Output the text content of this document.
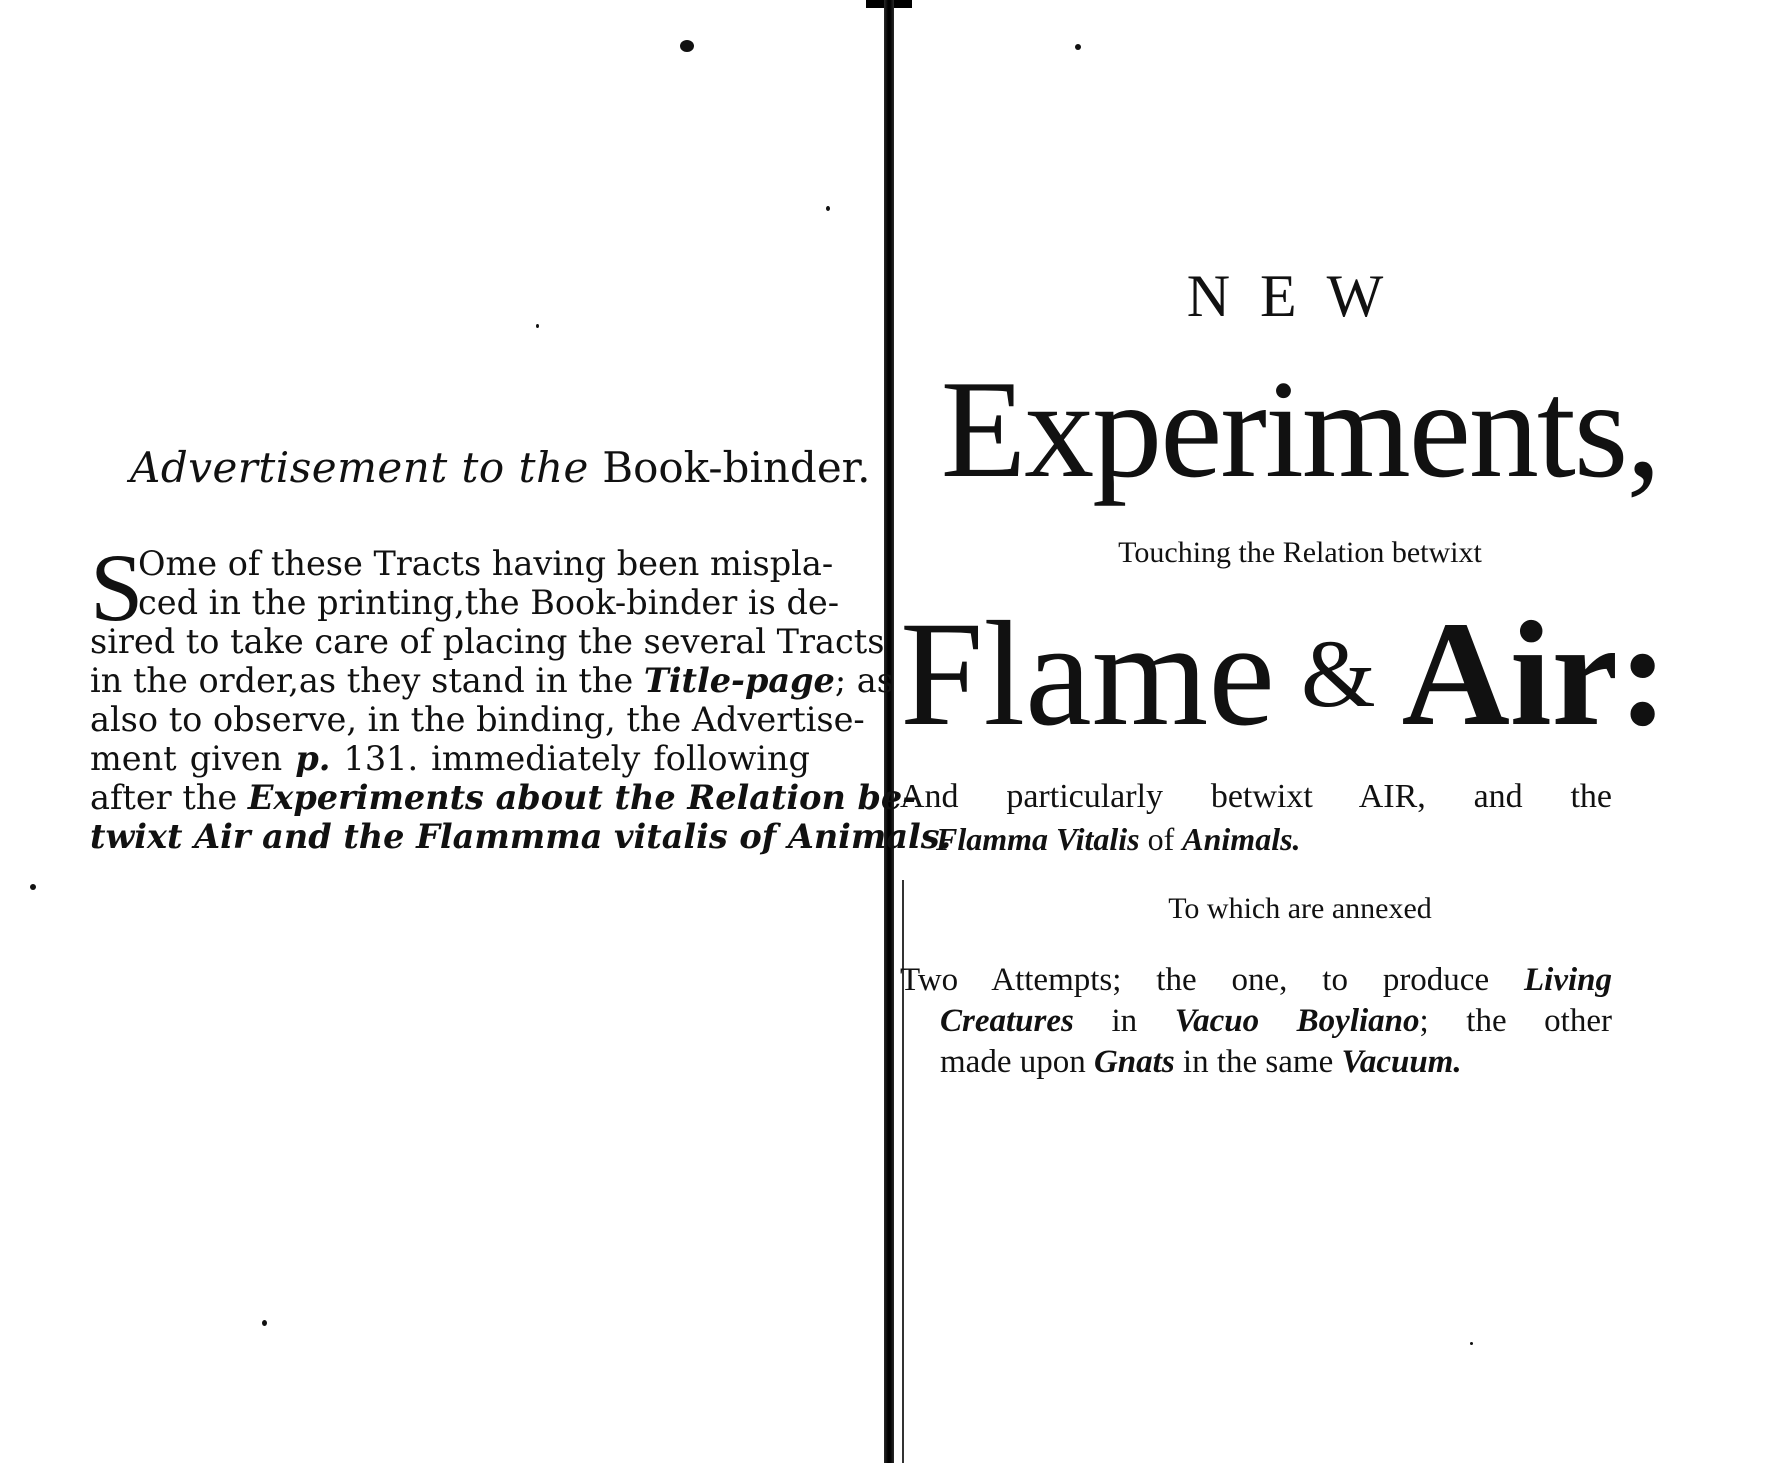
Advertisement to the Book-binder.
S
Ome of these Tracts having been mispla-
ced in the printing,the Book-binder is de-
sired to take care of placing the several Tracts
in the order,as they stand in the Title-page; as
also to observe, in the binding, the Advertise-
ment given p. 131. immediately following
after the Experiments about the Relation be-
twixt Air and the Flammma vitalis of Animals.
NEW
Experiments,
Touching the Relation betwixt
Flame & Air:
And particularly betwixt AIR, and the
Flamma Vitalis of Animals.
To which are annexed
Two Attempts; the one, to produce Living
Creatures in Vacuo Boyliano; the other
made upon Gnats in the same Vacuum.
